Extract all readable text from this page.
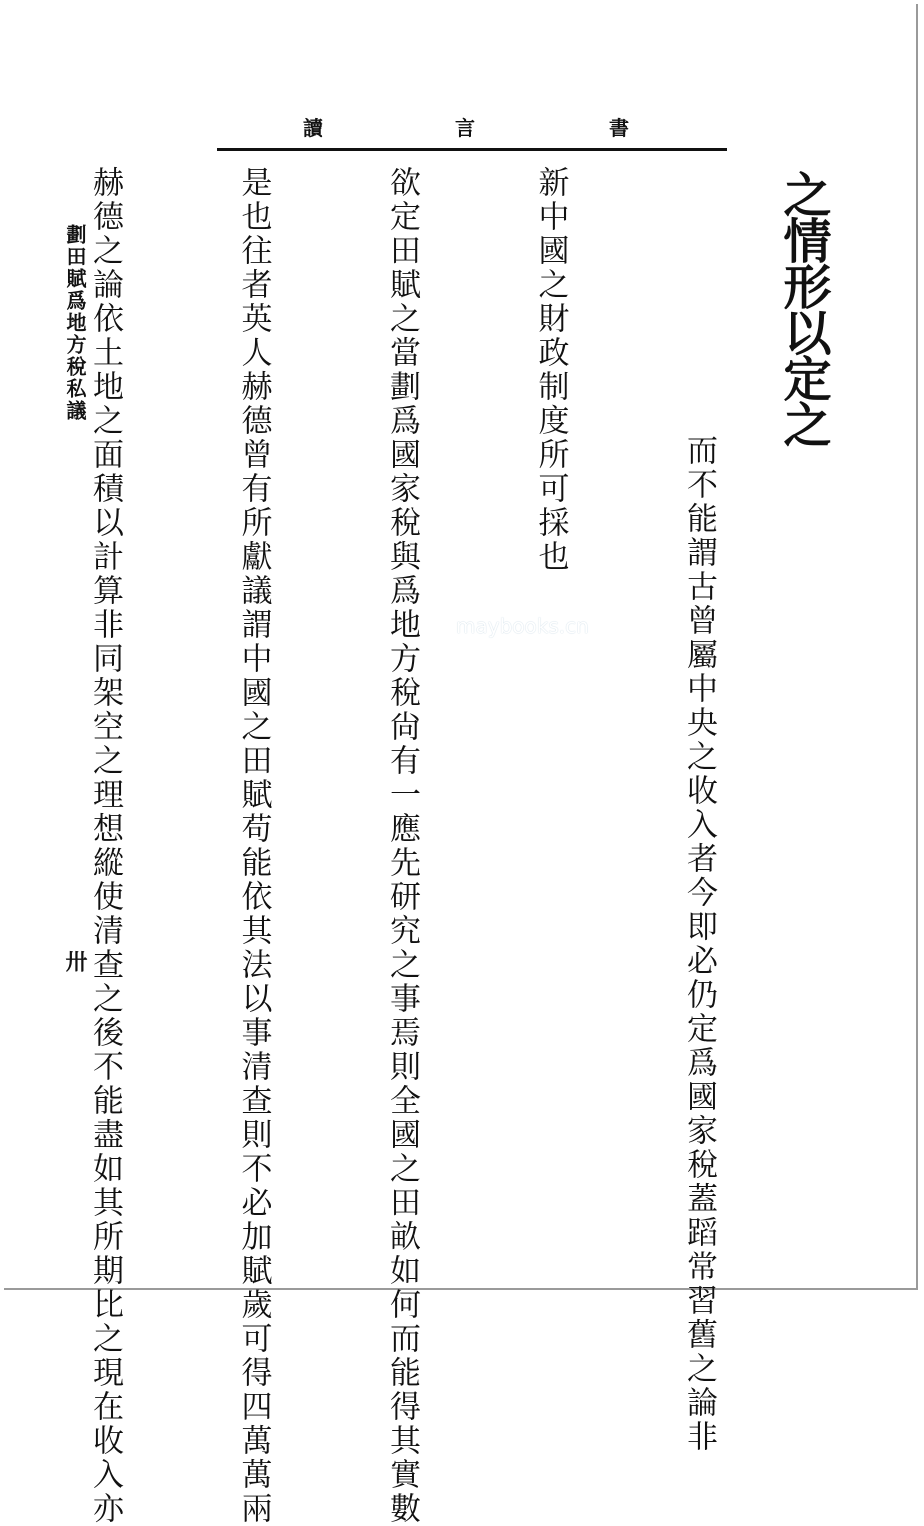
讀	言	書
之情形以定之

而不能謂古曾屬中央之收入者今即必仍定爲國家稅蓋蹈常習舊之論非

新中國之財政制度所可採也

欲定田賦之當劃爲國家稅與爲地方稅尙有一應先研究之事焉則全國之田畝如何而能得其實數

是也往者英人赫德曾有所獻議謂中國之田賦苟能依其法以事清查則不必加賦歲可得四萬萬兩

赫德之論依土地之面積以計算非同架空之理想縱使清查之後不能盡如其所期比之現在收入亦

劃田賦爲地方稅私議
卅
maybooks.cn
